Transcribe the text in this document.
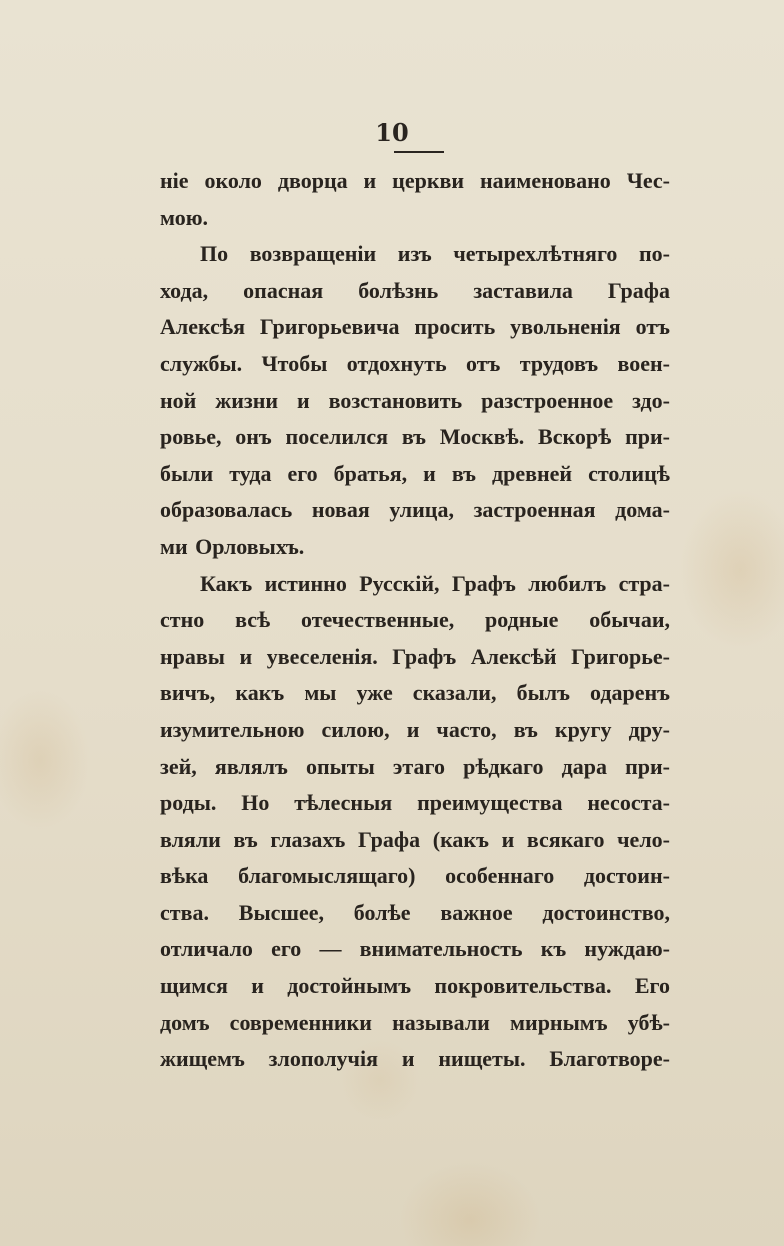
10
ніе около дворца и церкви наименовано Чес-
мою.
По возвращеніи изъ четырехлѣтняго по-
хода, опасная болѣзнь заставила Графа
Алексѣя Григорьевича просить увольненія отъ
службы. Чтобы отдохнуть отъ трудовъ воен-
ной жизни и возстановить разстроенное здо-
ровье, онъ поселился въ Москвѣ. Вскорѣ при-
были туда его братья, и въ древней столицѣ
образовалась новая улица, застроенная дома-
ми Орловыхъ.
Какъ истинно Русскій, Графъ любилъ стра-
стно всѣ отечественные, родные обычаи,
нравы и увеселенія. Графъ Алексѣй Григорье-
вичъ, какъ мы уже сказали, былъ одаренъ
изумительною силою, и часто, въ кругу дру-
зей, являлъ опыты этаго рѣдкаго дара при-
роды. Но тѣлесныя преимущества несоста-
вляли въ глазахъ Графа (какъ и всякаго чело-
вѣка благомыслящаго) особеннаго достоин-
ства. Высшее, болѣе важное достоинство,
отличало его — внимательность къ нуждаю-
щимся и достойнымъ покровительства. Его
домъ современники называли мирнымъ убѣ-
жищемъ злополучія и нищеты. Благотворе-
